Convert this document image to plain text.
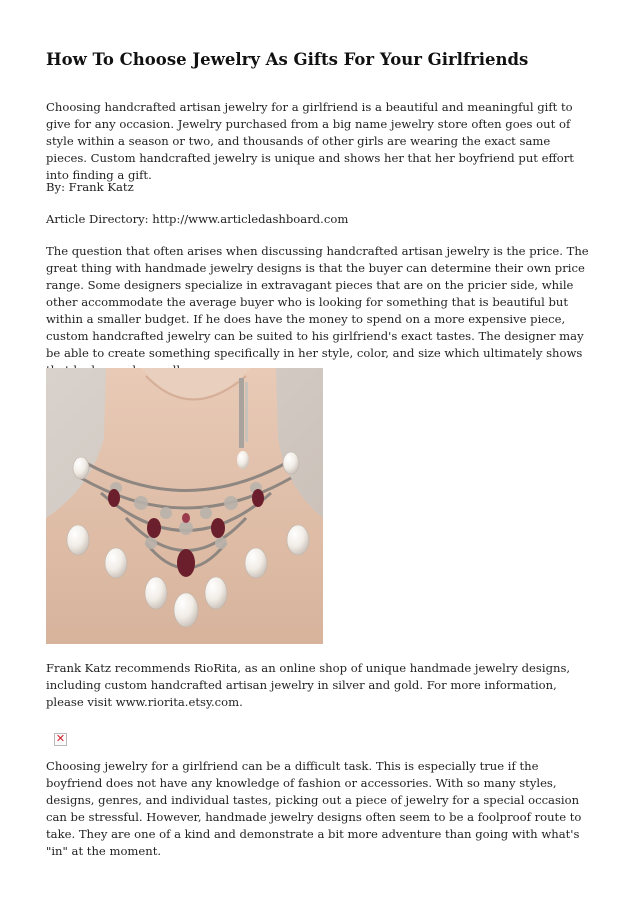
How To Choose Jewelry As Gifts For Your Girlfriends

Choosing handcrafted artisan jewelry for a girlfriend is a beautiful and meaningful gift to give for any occasion. Jewelry purchased from a big name jewelry store often goes out of style within a season or two, and thousands of other girls are wearing the exact same pieces. Custom handcrafted jewelry is unique and shows her that her boyfriend put effort into finding a gift.

By: Frank Katz

Article Directory: http://www.articledashboard.com

The question that often arises when discussing handcrafted artisan jewelry is the price. The great thing with handmade jewelry designs is that the buyer can determine their own price range. Some designers specialize in extravagant pieces that are on the pricier side, while other accommodate the average buyer who is looking for something that is beautiful but within a smaller budget. If he does have the money to spend on a more expensive piece, custom handcrafted jewelry can be suited to his girlfriend's exact tastes. The designer may be able to create something specifically in her style, color, and size which ultimately shows

Frank Katz recommends RioRita, as an online shop of unique handmade jewelry designs, including custom handcrafted artisan jewelry in silver and gold. For more information, please visit www.riorita.etsy.com.

✕

Choosing jewelry for a girlfriend can be a difficult task. This is especially true if the boyfriend does not have any knowledge of fashion or accessories. With so many styles, designs, genres, and individual tastes, picking out a piece of jewelry for a special occasion can be stressful. However, handmade jewelry designs often seem to be a foolproof route to take. They are one of a kind and demonstrate a bit more adventure than going with what's "in" at the moment.
